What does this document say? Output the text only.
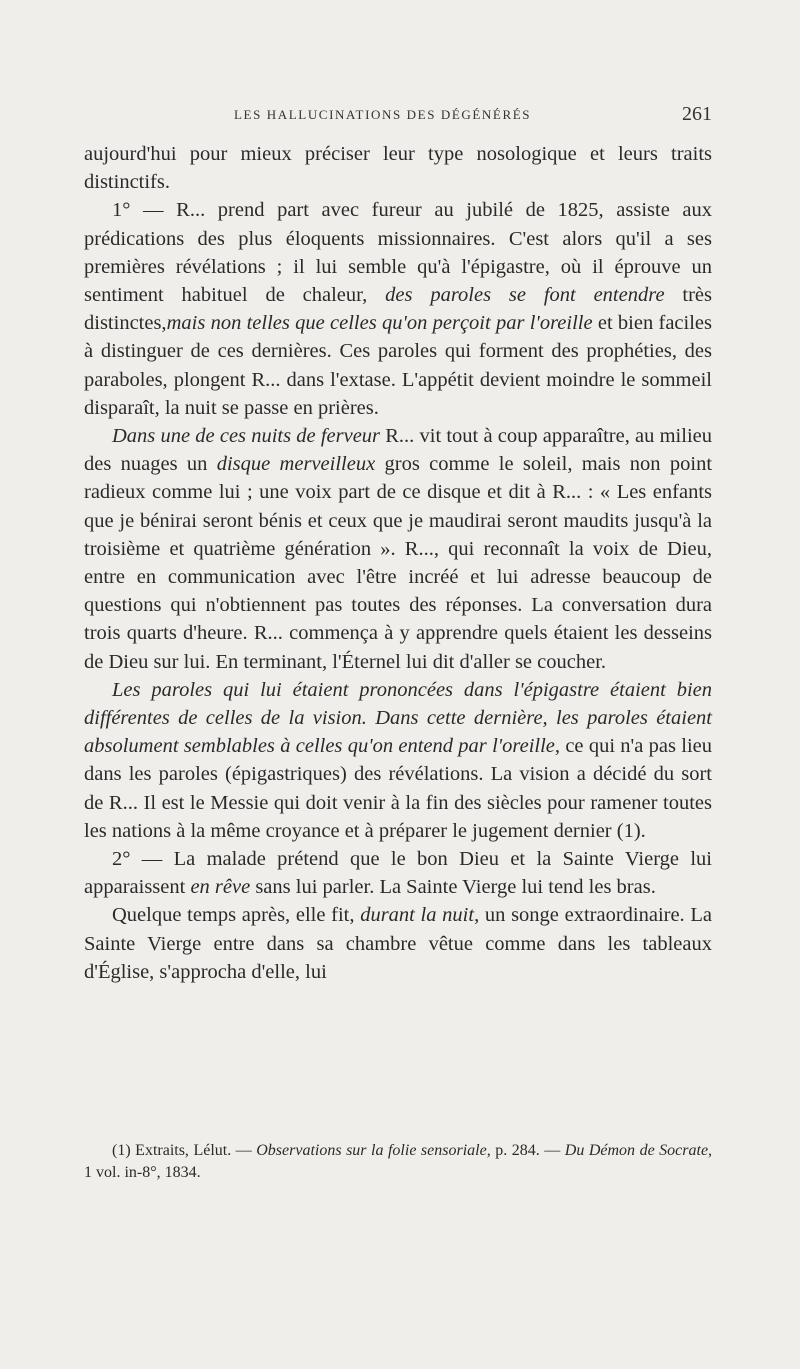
LES HALLUCINATIONS DES DÉGÉNÉRÉS	261

aujourd'hui pour mieux préciser leur type nosologique et leurs traits distinctifs.

1° — R... prend part avec fureur au jubilé de 1825, assiste aux prédications des plus éloquents missionnaires. C'est alors qu'il a ses premières révélations ; il lui semble qu'à l'épigastre, où il éprouve un sentiment habituel de chaleur, des paroles se font entendre très distinctes,mais non telles que celles qu'on perçoit par l'oreille et bien faciles à distinguer de ces dernières. Ces paroles qui forment des prophéties, des paraboles, plongent R... dans l'extase. L'appétit devient moindre le sommeil disparaît, la nuit se passe en prières.

Dans une de ces nuits de ferveur R... vit tout à coup apparaître, au milieu des nuages un disque merveilleux gros comme le soleil, mais non point radieux comme lui ; une voix part de ce disque et dit à R... : « Les enfants que je bénirai seront bénis et ceux que je maudirai seront maudits jusqu'à la troisième et quatrième génération ». R..., qui reconnaît la voix de Dieu, entre en communication avec l'être incréé et lui adresse beaucoup de questions qui n'obtiennent pas toutes des réponses. La conversation dura trois quarts d'heure. R... commença à y apprendre quels étaient les desseins de Dieu sur lui. En terminant, l'Éternel lui dit d'aller se coucher.

Les paroles qui lui étaient prononcées dans l'épigastre étaient bien différentes de celles de la vision. Dans cette dernière, les paroles étaient absolument semblables à celles qu'on entend par l'oreille, ce qui n'a pas lieu dans les paroles (épigastriques) des révélations. La vision a décidé du sort de R... Il est le Messie qui doit venir à la fin des siècles pour ramener toutes les nations à la même croyance et à préparer le jugement dernier (1).

2° — La malade prétend que le bon Dieu et la Sainte Vierge lui apparaissent en rêve sans lui parler. La Sainte Vierge lui tend les bras.

Quelque temps après, elle fit, durant la nuit, un songe extraordinaire. La Sainte Vierge entre dans sa chambre vêtue comme dans les tableaux d'Église, s'approcha d'elle, lui

(1) Extraits, Lélut. — Observations sur la folie sensoriale, p. 284. — Du Démon de Socrate, 1 vol. in-8°, 1834.
